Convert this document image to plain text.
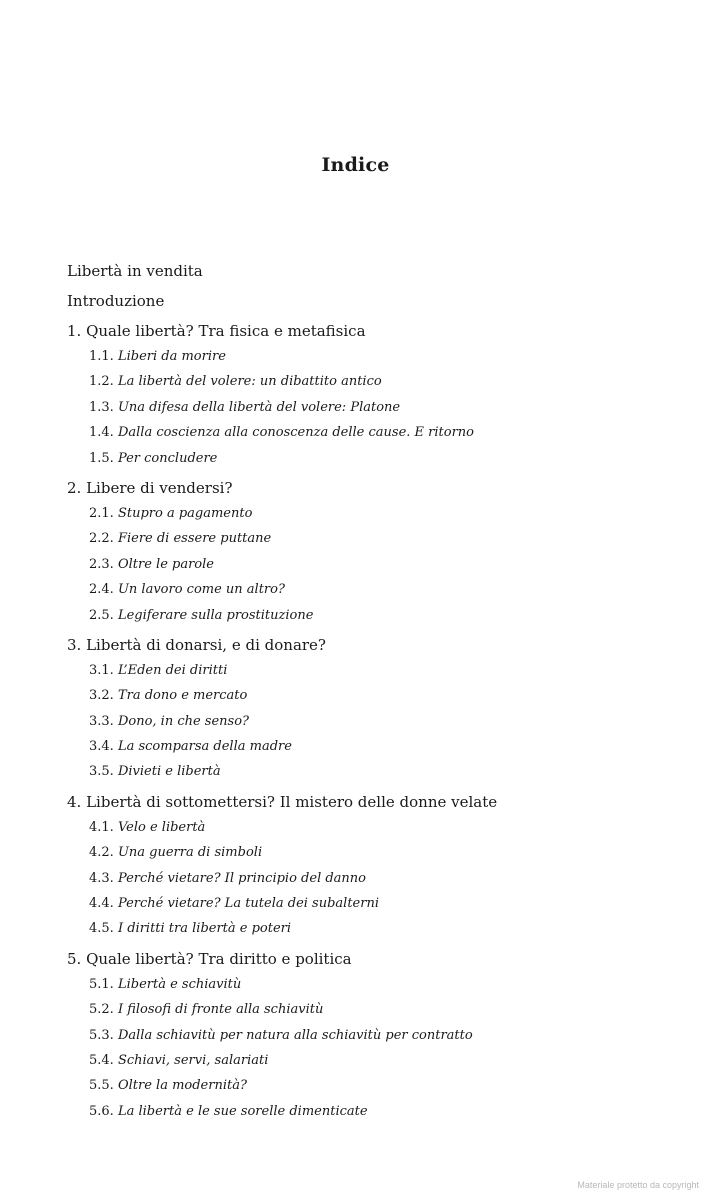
Indice
Libertà in vendita
Introduzione
1. Quale libertà? Tra fisica e metafisica
1.1. Liberi da morire
1.2. La libertà del volere: un dibattito antico
1.3. Una difesa della libertà del volere: Platone
1.4. Dalla coscienza alla conoscenza delle cause. E ritorno
1.5. Per concludere
2. Libere di vendersi?
2.1. Stupro a pagamento
2.2. Fiere di essere puttane
2.3. Oltre le parole
2.4. Un lavoro come un altro?
2.5. Legiferare sulla prostituzione
3. Libertà di donarsi, e di donare?
3.1. L’Eden dei diritti
3.2. Tra dono e mercato
3.3. Dono, in che senso?
3.4. La scomparsa della madre
3.5. Divieti e libertà
4. Libertà di sottomettersi? Il mistero delle donne velate
4.1. Velo e libertà
4.2. Una guerra di simboli
4.3. Perché vietare? Il principio del danno
4.4. Perché vietare? La tutela dei subalterni
4.5. I diritti tra libertà e poteri
5. Quale libertà? Tra diritto e politica
5.1. Libertà e schiavitù
5.2. I filosofi di fronte alla schiavitù
5.3. Dalla schiavitù per natura alla schiavitù per contratto
5.4. Schiavi, servi, salariati
5.5. Oltre la modernità?
5.6. La libertà e le sue sorelle dimenticate
Materiale protetto da copyright
